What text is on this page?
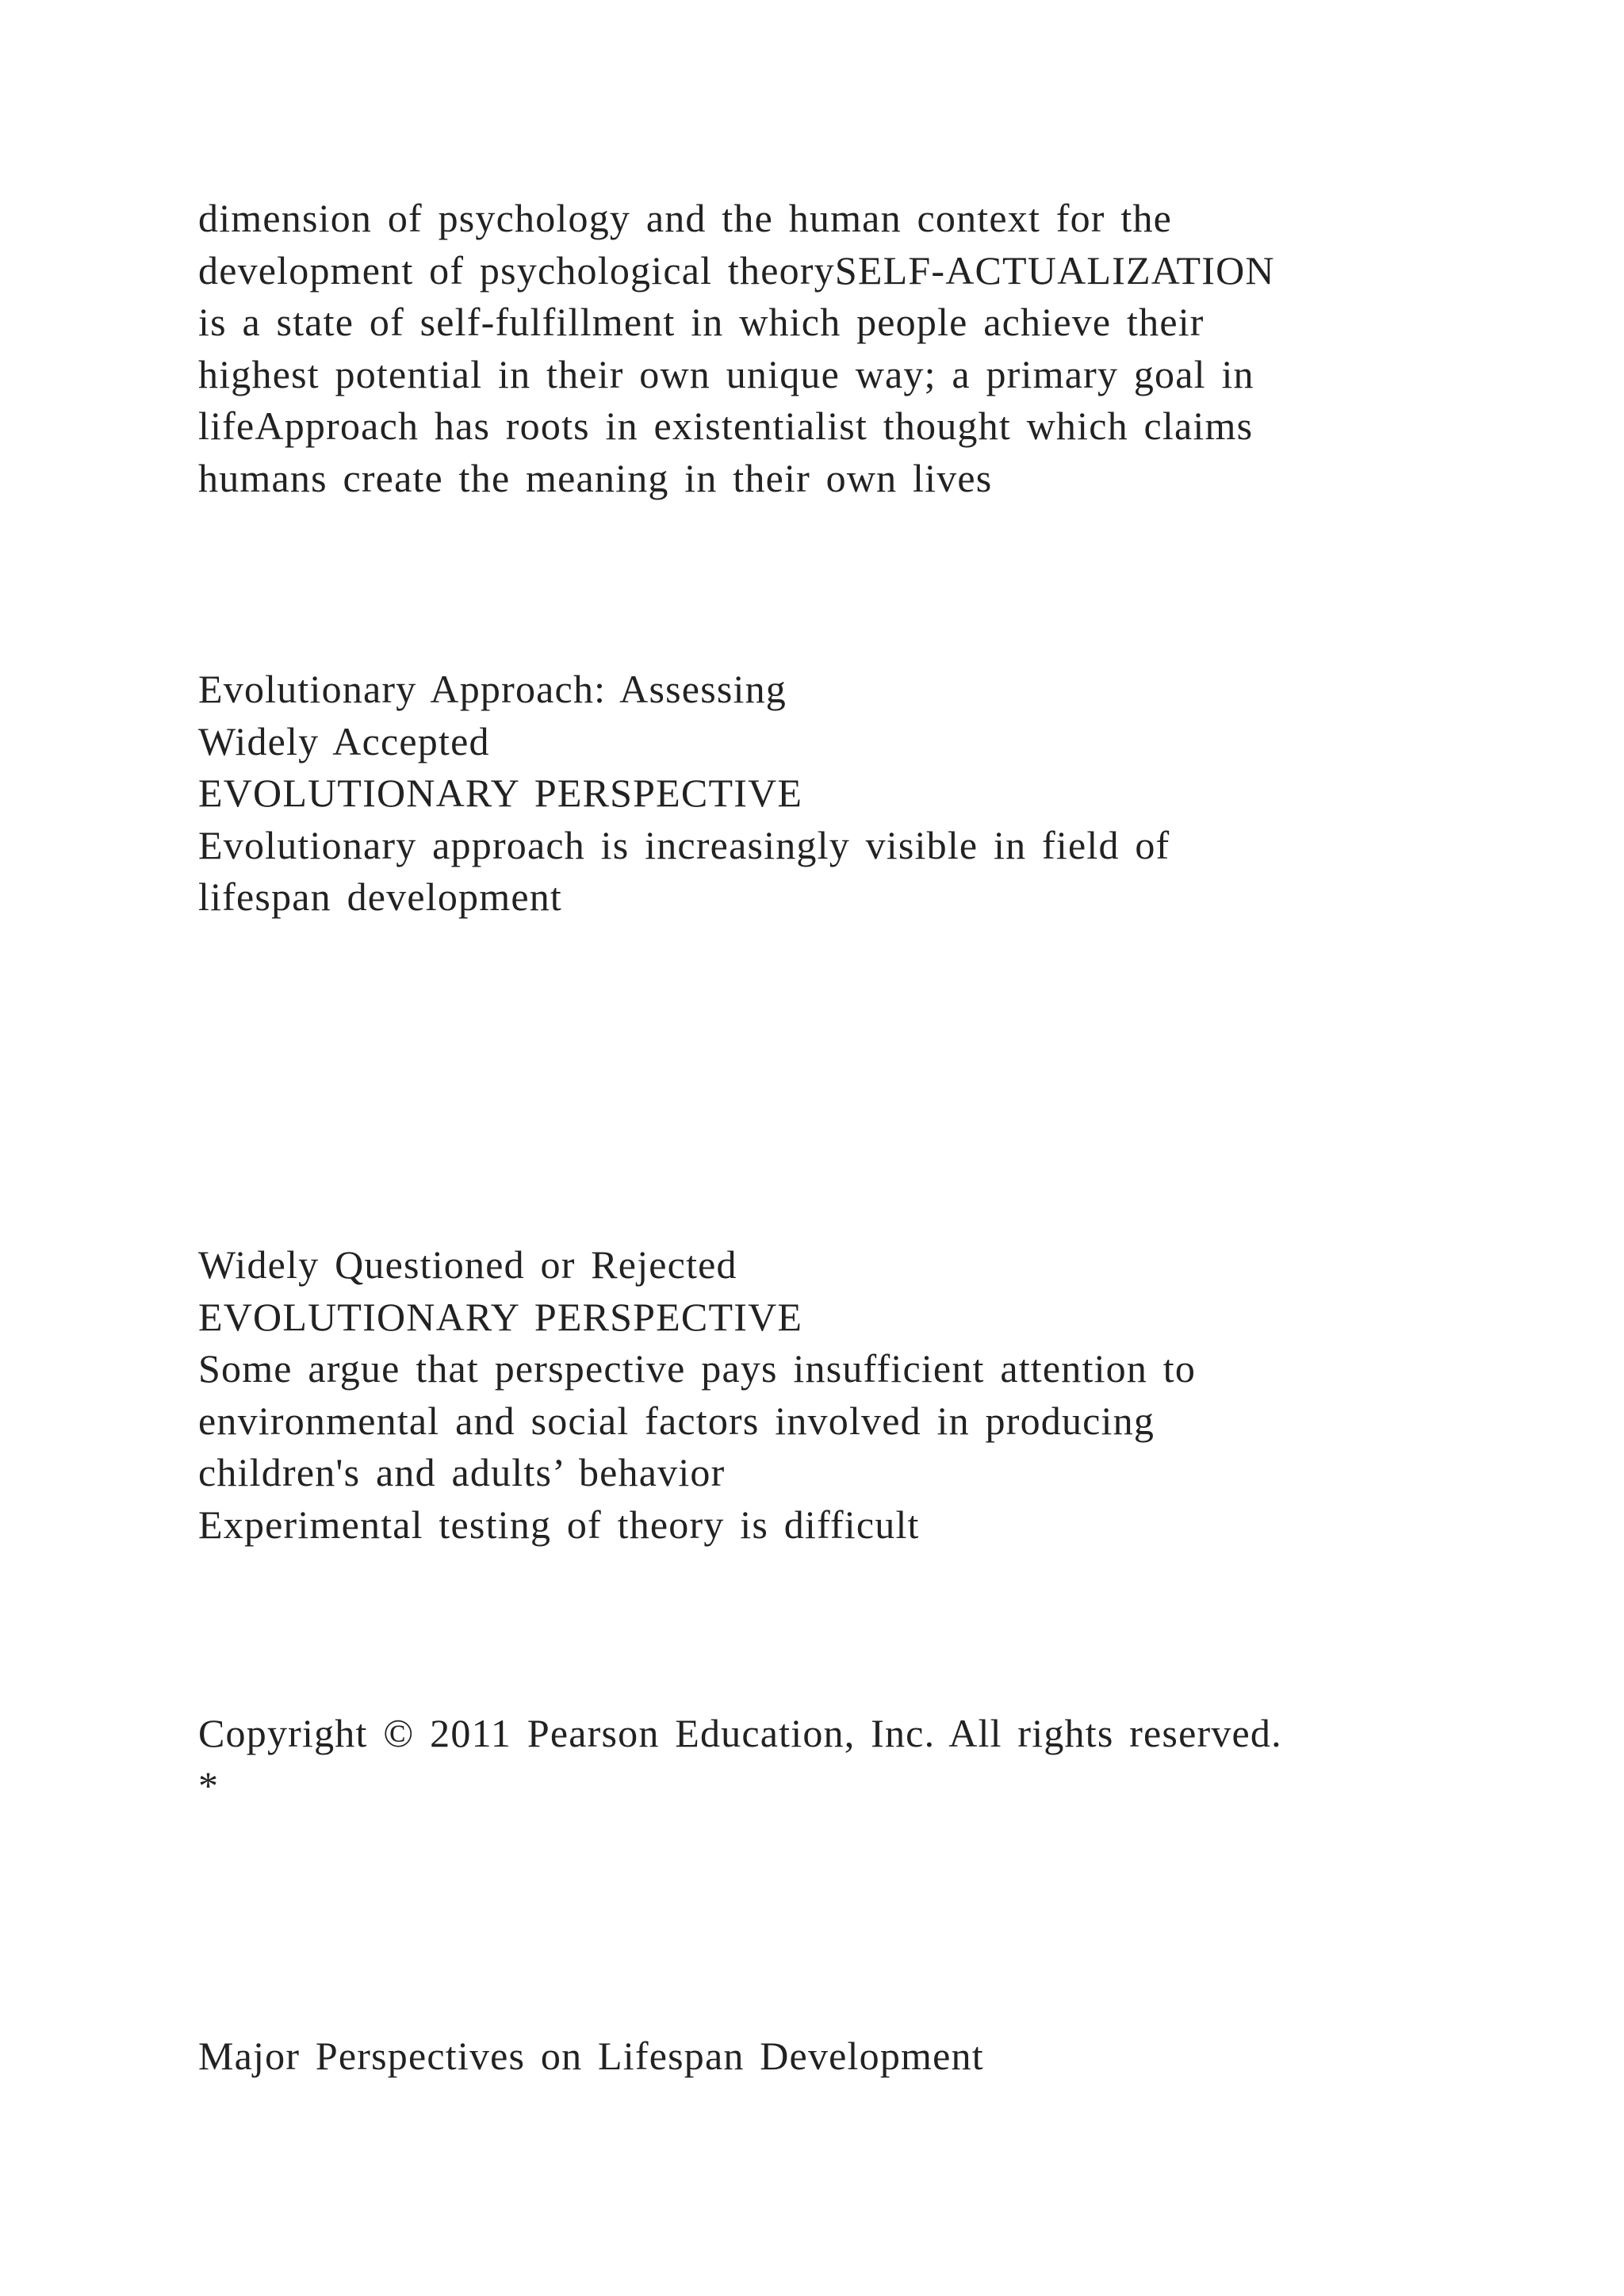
dimension of psychology and the human context for the
development of psychological theorySELF-ACTUALIZATION
is a state of self-fulfillment in which people achieve their
highest potential in their own unique way; a primary goal in
lifeApproach has roots in existentialist thought which claims
humans create the meaning in their own lives
Evolutionary Approach: Assessing
Widely Accepted
EVOLUTIONARY PERSPECTIVE
Evolutionary approach is increasingly visible in field of
lifespan development
Widely Questioned or Rejected
EVOLUTIONARY PERSPECTIVE
Some argue that perspective pays insufficient attention to
environmental and social factors involved in producing
children's and adults’ behavior
Experimental testing of theory is difficult
Copyright © 2011 Pearson Education, Inc. All rights reserved.
*
Major Perspectives on Lifespan Development
